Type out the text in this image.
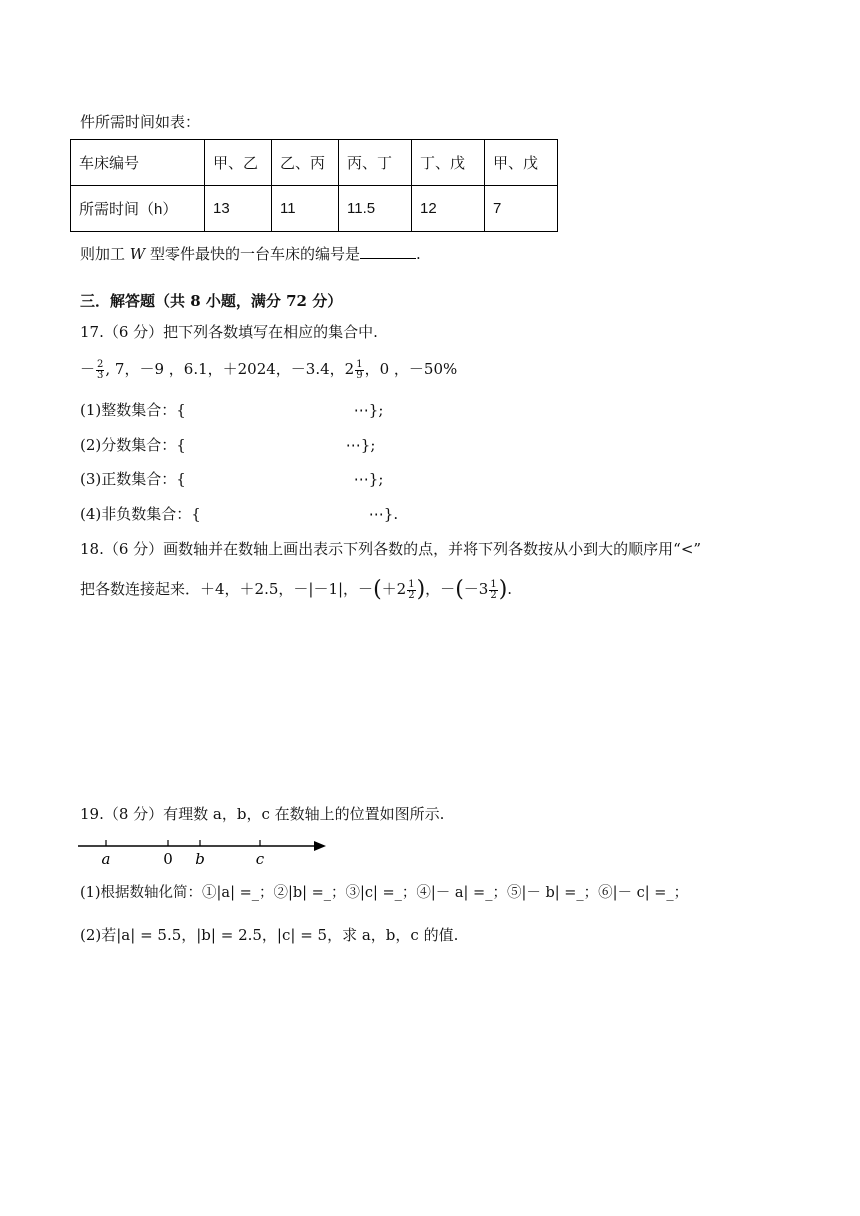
件所需时间如表：
车床编号	甲、乙	乙、丙	丙、丁	丁、戊	甲、戊
所需时间（h）	13	11	11.5	12	7
则加工 W 型零件最快的一台车床的编号是	.
三．解答题（共 8 小题，满分 72 分）
17.（6 分）把下列各数填写在相应的集合中.
－ $\frac{2}{3}$ , 7，－9 ，6.1，＋2024，－3.4，$2 \frac{1}{9}$ ，0 ，－50%
(1)整数集合：{	⋯};
(2)分数集合：{	⋯};
(3)正数集合：{	⋯};
(4)非负数集合：{	⋯}.
18.（6 分）画数轴并在数轴上画出表示下列各数的点，并将下列各数按从小到大的顺序用“<”
把各数连接起来．＋4，＋2.5，－|－1|，$-(+2 \frac{1}{2}$ )，$-(-3 \frac{1}{2}$ ).
19.（8 分）有理数 a，b，c 在数轴上的位置如图所示.
a	0 b	c
(1)根据数轴化简：①|a| =_；②|b| =_；③|c| =_；④|－ a| =_；⑤|－ b| =_；⑥|－ c| =_；
(2)若|a| = 5.5，|b| = 2.5，|c| = 5，求 a，b，c 的值.
